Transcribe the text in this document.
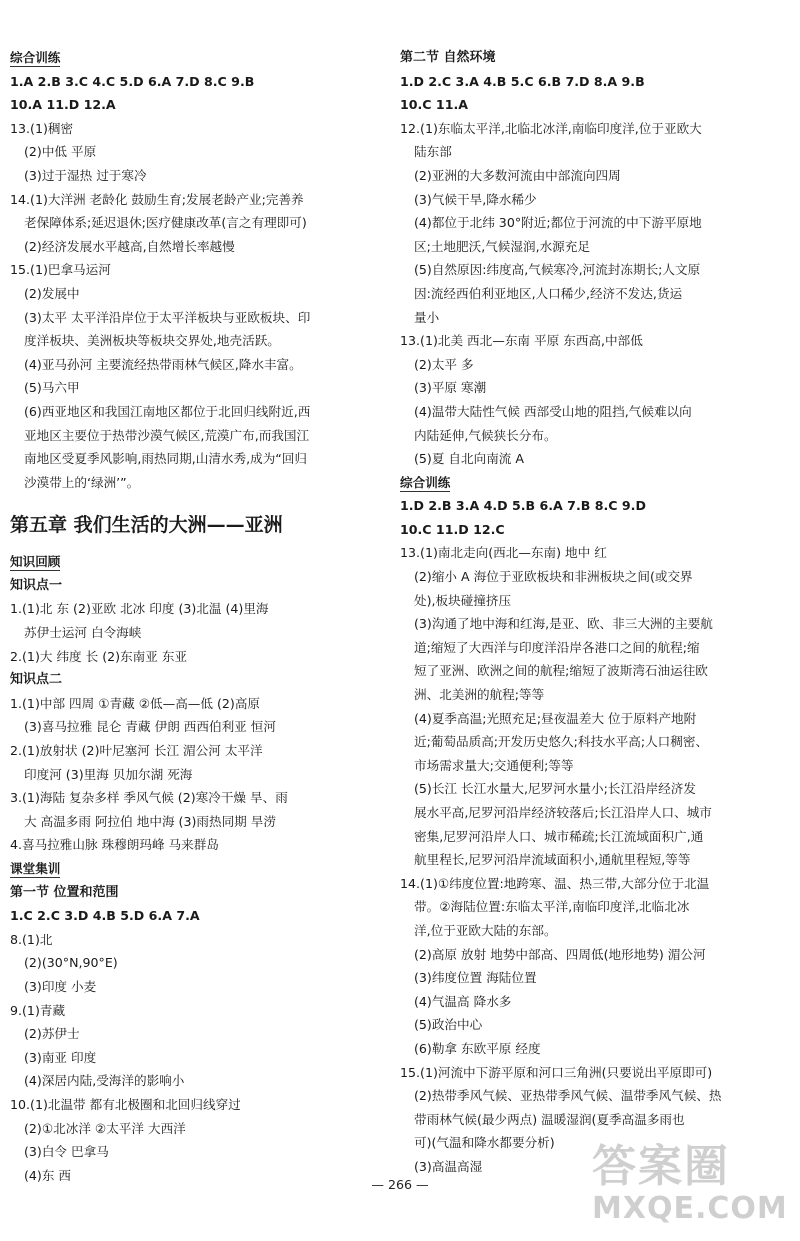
综合训练
1.A 2.B 3.C 4.C 5.D 6.A 7.D 8.C 9.B
10.A 11.D 12.A
13.(1)稠密
(2)中低 平原
(3)过于湿热 过于寒冷
14.(1)大洋洲 老龄化 鼓励生育;发展老龄产业;完善养
老保障体系;延迟退休;医疗健康改革(言之有理即可)
(2)经济发展水平越高,自然增长率越慢
15.(1)巴拿马运河
(2)发展中
(3)太平 太平洋沿岸位于太平洋板块与亚欧板块、印
度洋板块、美洲板块等板块交界处,地壳活跃。
(4)亚马孙河 主要流经热带雨林气候区,降水丰富。
(5)马六甲
(6)西亚地区和我国江南地区都位于北回归线附近,西
亚地区主要位于热带沙漠气候区,荒漠广布,而我国江
南地区受夏季风影响,雨热同期,山清水秀,成为“回归
沙漠带上的‘绿洲’”。
第五章 我们生活的大洲——亚洲
知识回顾
知识点一
1.(1)北 东 (2)亚欧 北冰 印度 (3)北温 (4)里海
苏伊士运河 白令海峡
2.(1)大 纬度 长 (2)东南亚 东亚
知识点二
1.(1)中部 四周 ①青藏 ②低—高—低 (2)高原
(3)喜马拉雅 昆仑 青藏 伊朗 西西伯利亚 恒河
2.(1)放射状 (2)叶尼塞河 长江 湄公河 太平洋
印度河 (3)里海 贝加尔湖 死海
3.(1)海陆 复杂多样 季风气候 (2)寒冷干燥 旱、雨
大 高温多雨 阿拉伯 地中海 (3)雨热同期 旱涝
4.喜马拉雅山脉 珠穆朗玛峰 马来群岛
课堂集训
第一节 位置和范围
1.C 2.C 3.D 4.B 5.D 6.A 7.A
8.(1)北
(2)(30°N,90°E)
(3)印度 小麦
9.(1)青藏
(2)苏伊士
(3)南亚 印度
(4)深居内陆,受海洋的影响小
10.(1)北温带 都有北极圈和北回归线穿过
(2)①北冰洋 ②太平洋 大西洋
(3)白令 巴拿马
(4)东 西
第二节 自然环境
1.D 2.C 3.A 4.B 5.C 6.B 7.D 8.A 9.B
10.C 11.A
12.(1)东临太平洋,北临北冰洋,南临印度洋,位于亚欧大
陆东部
(2)亚洲的大多数河流由中部流向四周
(3)气候干旱,降水稀少
(4)都位于北纬 30°附近;都位于河流的中下游平原地
区;土地肥沃,气候湿润,水源充足
(5)自然原因:纬度高,气候寒冷,河流封冻期长;人文原
因:流经西伯利亚地区,人口稀少,经济不发达,货运
量小
13.(1)北美 西北—东南 平原 东西高,中部低
(2)太平 多
(3)平原 寒潮
(4)温带大陆性气候 西部受山地的阻挡,气候难以向
内陆延伸,气候狭长分布。
(5)夏 自北向南流 A
综合训练
1.D 2.B 3.A 4.D 5.B 6.A 7.B 8.C 9.D
10.C 11.D 12.C
13.(1)南北走向(西北—东南) 地中 红
(2)缩小 A 海位于亚欧板块和非洲板块之间(或交界
处),板块碰撞挤压
(3)沟通了地中海和红海,是亚、欧、非三大洲的主要航
道;缩短了大西洋与印度洋沿岸各港口之间的航程;缩
短了亚洲、欧洲之间的航程;缩短了波斯湾石油运往欧
洲、北美洲的航程;等等
(4)夏季高温;光照充足;昼夜温差大 位于原料产地附
近;葡萄品质高;开发历史悠久;科技水平高;人口稠密、
市场需求量大;交通便利;等等
(5)长江 长江水量大,尼罗河水量小;长江沿岸经济发
展水平高,尼罗河沿岸经济较落后;长江沿岸人口、城市
密集,尼罗河沿岸人口、城市稀疏;长江流域面积广,通
航里程长,尼罗河沿岸流域面积小,通航里程短,等等
14.(1)①纬度位置:地跨寒、温、热三带,大部分位于北温
带。②海陆位置:东临太平洋,南临印度洋,北临北冰
洋,位于亚欧大陆的东部。
(2)高原 放射 地势中部高、四周低(地形地势) 湄公河
(3)纬度位置 海陆位置
(4)气温高 降水多
(5)政治中心
(6)勒拿 东欧平原 经度
15.(1)河流中下游平原和河口三角洲(只要说出平原即可)
(2)热带季风气候、亚热带季风气候、温带季风气候、热
带雨林气候(最少两点) 温暖湿润(夏季高温多雨也
可)(气温和降水都要分析)
(3)高温高湿
— 266 —	答案圈
MXQE.COM
